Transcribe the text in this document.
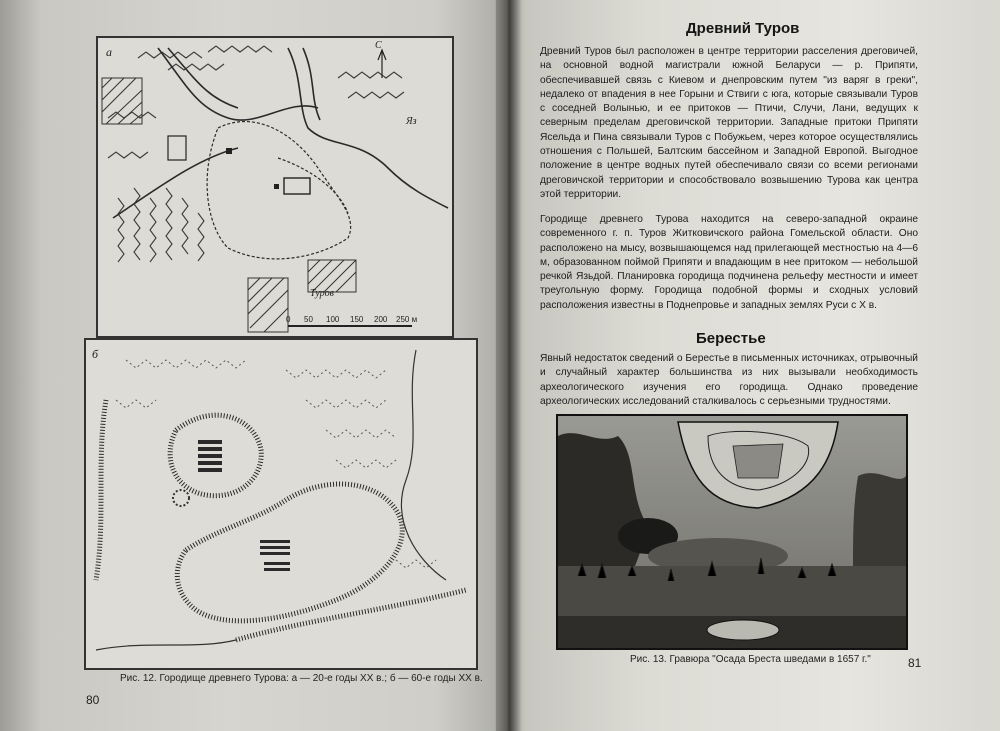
С
а
Яз
Туров
0 50 100 150 200 250 м
б
Рис. 12. Городище древнего Турова: а — 20-е годы XX в.; б — 60-е годы XX в.
80
Древний Туров
Древний Туров был расположен в центре территории расселения дреговичей, на основной водной магистрали южной Беларуси — р. Припяти, обеспечивавшей связь с Киевом и днепровским путем "из варяг в греки", недалеко от впадения в нее Горыни и Ствиги с юга, которые связывали Туров с соседней Волынью, и ее притоков — Птичи, Случи, Лани, ведущих к северным пределам дреговичской территории. Западные притоки Припяти Ясельда и Пина связывали Туров с Побужьем, через которое осуществлялись отношения с Польшей, Балтским бассейном и Западной Европой. Выгодное положение в центре водных путей обеспечивало связи со всеми регионами дреговичской территории и способствовало возвышению Турова как центра этой территории.
Городище древнего Турова находится на северо-западной окраине современного г. п. Туров Житковичского района Гомельской области. Оно расположено на мысу, возвышающемся над прилегающей местностью на 4—6 м, образованном поймой Припяти и впадающим в нее притоком — небольшой речкой Язьдой. Планировка городища подчинена рельефу местности и имеет треугольную форму. Городища подобной формы и сходных условий расположения известны в Поднепровье и западных землях Руси с X в.
Берестье
Явный недостаток сведений о Берестье в письменных источниках, отрывочный и случайный характер большинства из них вызывали необходимость археологического изучения его городища. Однако проведение археологических исследований сталкивалось с серьезными трудностями.
Рис. 13. Гравюра "Осада Бреста шведами в 1657 г."	81
